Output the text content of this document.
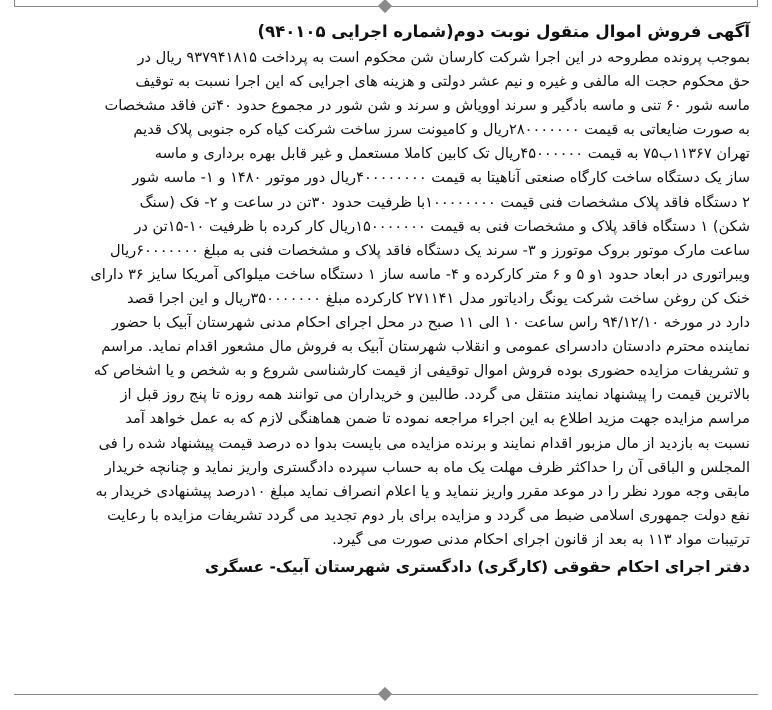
آگهی فروش اموال منقول نوبت دوم(شماره اجرایی ۹۴۰۱۰۵)
بموجب پرونده مطروحه در این اجرا شرکت کارسان شن محکوم است به پرداخت ۹۳۷۹۴۱۸۱۵ ریال در
حق محکوم حجت اله مالفی و غیره و نیم عشر دولتی و هزینه های اجرایی که این اجرا نسبت به توقیف
ماسه شور ۶۰ تنی و ماسه بادگیر و سرند اوویاش و سرند و شن شور در مجموع حدود ۴۰تن فاقد مشخصات
به صورت ضایعاتی به قیمت ۲۸۰۰۰۰۰۰۰ریال و کامیونت سرز ساخت شرکت کیاه کره جنوبی پلاک قدیم
تهران ۱۱۳۶۷ب۷۵ به قیمت ۴۵۰۰۰۰۰۰ریال تک کابین کاملا مستعمل و غیر قابل بهره برداری و ماسه
ساز یک دستگاه ساخت کارگاه صنعتی آناهیتا به قیمت ۴۰۰۰۰۰۰۰۰ریال دور موتور ۱۴۸۰ و ۱- ماسه شور
۲ دستگاه فاقد پلاک مشخصات فنی قیمت ۱۰۰۰۰۰۰۰۰با ظرفیت حدود ۳۰تن در ساعت و ۲- فک (سنگ
شکن) ۱ دستگاه فاقد پلاک و مشخصات فنی به قیمت ۱۵۰۰۰۰۰۰۰ریال کار کرده با ظرفیت ۱۰-۱۵تن در
ساعت مارک موتور بروک موتورز و ۳- سرند یک دستگاه فاقد پلاک و مشخصات فنی به مبلغ ۶۰۰۰۰۰۰۰ریال
ویبراتوری در ابعاد حدود ۱و ۵ و ۶ متر کارکرده و ۴- ماسه ساز ۱ دستگاه ساخت میلواکی آمریکا سایز ۳۶ دارای
خنک کن روغن ساخت شرکت یونگ رادیاتور مدل ۲۷۱۱۴۱ کارکرده مبلغ ۳۵۰۰۰۰۰۰۰ریال و این اجرا قصد
دارد در مورخه ۹۴/۱۲/۱۰ راس ساعت ۱۰ الی ۱۱ صبح در محل اجرای احکام مدنی شهرستان آبیک با حضور
نماینده محترم دادستان دادسرای عمومی و انقلاب شهرستان آبیک به فروش مال مشعور اقدام نماید. مراسم
و تشریفات مزایده حضوری بوده فروش اموال توقیفی از قیمت کارشناسی شروع و به شخص و یا اشخاص که
بالاترین قیمت را پیشنهاد نمایند منتقل می گردد. طالبین و خریداران می توانند همه روزه تا پنج روز قبل از
مراسم مزایده جهت مزید اطلاع به این اجراء مراجعه نموده تا ضمن هماهنگی لازم که به عمل خواهد آمد
نسبت به بازدید از مال مزبور اقدام نمایند و برنده مزایده می بایست بدوا ده درصد قیمت پیشنهاد شده را فی
المجلس و الباقی آن را حداکثر ظرف مهلت یک ماه به حساب سپرده دادگستری واریز نماید و چنانچه خریدار
مابقی وجه مورد نظر را در موعد مقرر واریز ننماید و یا اعلام انصراف نماید مبلغ ۱۰درصد پیشنهادی خریدار به
نفع دولت جمهوری اسلامی ضبط می گردد و مزایده برای بار دوم تجدید می گردد تشریفات مزایده با رعایت
ترتیبات مواد ۱۱۳ به بعد از قانون اجرای احکام مدنی صورت می گیرد.
دفتر اجرای احکام حقوقی (کارگری) دادگستری شهرستان آبیک- عسگری
